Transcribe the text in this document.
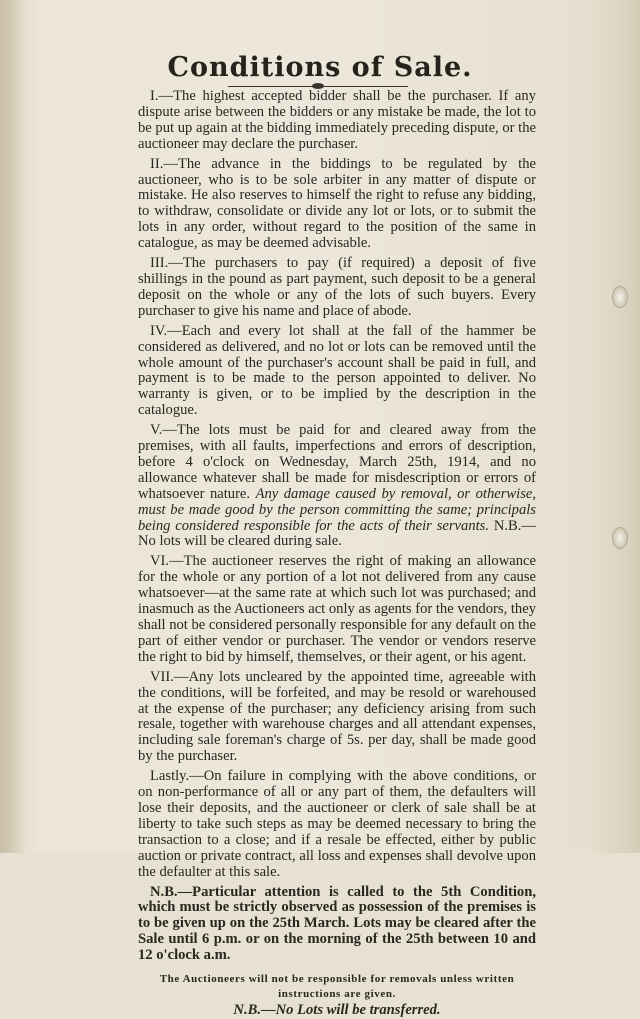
Conditions of Sale.

I.—The highest accepted bidder shall be the purchaser. If any dispute arise between the bidders or any mistake be made, the lot to be put up again at the bidding immediately preceding dispute, or the auctioneer may declare the purchaser.

II.—The advance in the biddings to be regulated by the auctioneer, who is to be sole arbiter in any matter of dispute or mistake. He also reserves to himself the right to refuse any bidding, to withdraw, consolidate or divide any lot or lots, or to submit the lots in any order, without regard to the position of the same in catalogue, as may be deemed advisable.

III.—The purchasers to pay (if required) a deposit of five shillings in the pound as part payment, such deposit to be a general deposit on the whole or any of the lots of such buyers. Every purchaser to give his name and place of abode.

IV.—Each and every lot shall at the fall of the hammer be considered as delivered, and no lot or lots can be removed until the whole amount of the purchaser's account shall be paid in full, and payment is to be made to the person appointed to deliver. No warranty is given, or to be implied by the description in the catalogue.

V.—The lots must be paid for and cleared away from the premises, with all faults, imperfections and errors of description, before 4 o'clock on Wednesday, March 25th, 1914, and no allowance whatever shall be made for misdescription or errors of whatsoever nature. Any damage caused by removal, or otherwise, must be made good by the person committing the same; principals being considered responsible for the acts of their servants. N.B.—No lots will be cleared during sale.

VI.—The auctioneer reserves the right of making an allowance for the whole or any portion of a lot not delivered from any cause whatsoever—at the same rate at which such lot was purchased; and inasmuch as the Auctioneers act only as agents for the vendors, they shall not be considered personally responsible for any default on the part of either vendor or purchaser. The vendor or vendors reserve the right to bid by himself, themselves, or their agent, or his agent.

VII.—Any lots uncleared by the appointed time, agreeable with the conditions, will be forfeited, and may be resold or warehoused at the expense of the purchaser; any deficiency arising from such resale, together with warehouse charges and all attendant expenses, including sale foreman's charge of 5s. per day, shall be made good by the purchaser.

Lastly.—On failure in complying with the above conditions, or on non-performance of all or any part of them, the defaulters will lose their deposits, and the auctioneer or clerk of sale shall be at liberty to take such steps as may be deemed necessary to bring the transaction to a close; and if a resale be effected, either by public auction or private contract, all loss and expenses shall devolve upon the defaulter at this sale.

N.B.—Particular attention is called to the 5th Condition, which must be strictly observed as possession of the premises is to be given up on the 25th March. Lots may be cleared after the Sale until 6 p.m. or on the morning of the 25th between 10 and 12 o'clock a.m.

The Auctioneers will not be responsible for removals unless written instructions are given.
N.B.—No Lots will be transferred.
